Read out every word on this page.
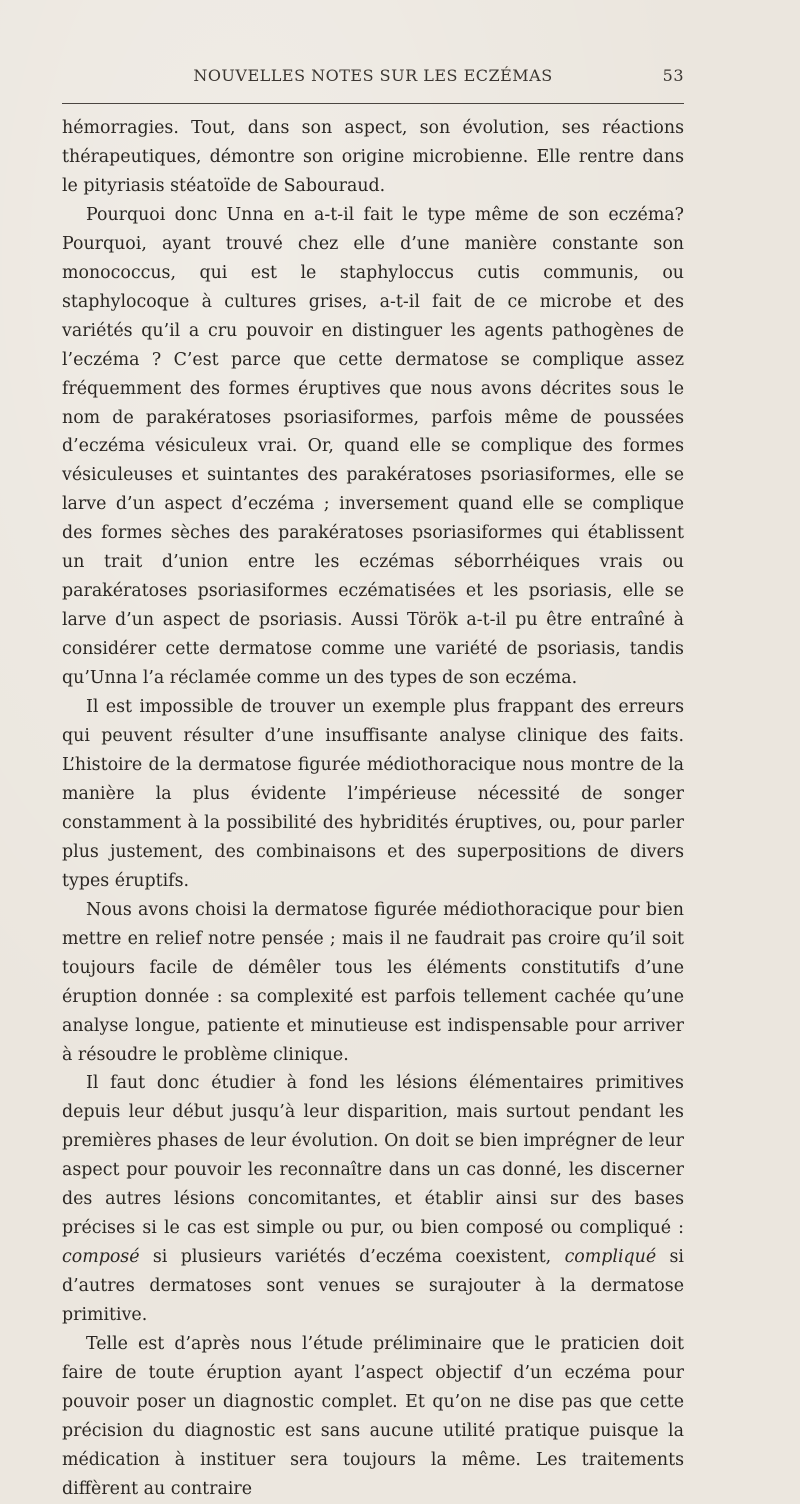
NOUVELLES NOTES SUR LES ECZÉMAS	53

hémorragies. Tout, dans son aspect, son évolution, ses réactions thérapeutiques, démontre son origine microbienne. Elle rentre dans le pityriasis stéatoïde de Sabouraud.

Pourquoi donc Unna en a-t-il fait le type même de son eczéma? Pourquoi, ayant trouvé chez elle d’une manière constante son monococcus, qui est le staphyloccus cutis communis, ou staphylocoque à cultures grises, a-t-il fait de ce microbe et des variétés qu’il a cru pouvoir en distinguer les agents pathogènes de l’eczéma ? C’est parce que cette dermatose se complique assez fréquemment des formes éruptives que nous avons décrites sous le nom de parakératoses psoriasiformes, parfois même de poussées d’eczéma vésiculeux vrai. Or, quand elle se complique des formes vésiculeuses et suintantes des parakératoses psoriasiformes, elle se larve d’un aspect d’eczéma ; inversement quand elle se complique des formes sèches des parakératoses psoriasiformes qui établissent un trait d’union entre les eczémas séborrhéiques vrais ou parakératoses psoriasiformes eczématisées et les psoriasis, elle se larve d’un aspect de psoriasis. Aussi Török a-t-il pu être entraîné à considérer cette dermatose comme une variété de psoriasis, tandis qu’Unna l’a réclamée comme un des types de son eczéma.

Il est impossible de trouver un exemple plus frappant des erreurs qui peuvent résulter d’une insuffisante analyse clinique des faits. L’histoire de la dermatose figurée médiothoracique nous montre de la manière la plus évidente l’impérieuse nécessité de songer constamment à la possibilité des hybridités éruptives, ou, pour parler plus justement, des combinaisons et des superpositions de divers types éruptifs.

Nous avons choisi la dermatose figurée médiothoracique pour bien mettre en relief notre pensée ; mais il ne faudrait pas croire qu’il soit toujours facile de démêler tous les éléments constitutifs d’une éruption donnée : sa complexité est parfois tellement cachée qu’une analyse longue, patiente et minutieuse est indispensable pour arriver à résoudre le problème clinique.

Il faut donc étudier à fond les lésions élémentaires primitives depuis leur début jusqu’à leur disparition, mais surtout pendant les premières phases de leur évolution. On doit se bien imprégner de leur aspect pour pouvoir les reconnaître dans un cas donné, les discerner des autres lésions concomitantes, et établir ainsi sur des bases précises si le cas est simple ou pur, ou bien composé ou compliqué : composé si plusieurs variétés d’eczéma coexistent, compliqué si d’autres dermatoses sont venues se surajouter à la dermatose primitive.

Telle est d’après nous l’étude préliminaire que le praticien doit faire de toute éruption ayant l’aspect objectif d’un eczéma pour pouvoir poser un diagnostic complet. Et qu’on ne dise pas que cette précision du diagnostic est sans aucune utilité pratique puisque la médication à instituer sera toujours la même. Les traitements diffèrent au contraire
